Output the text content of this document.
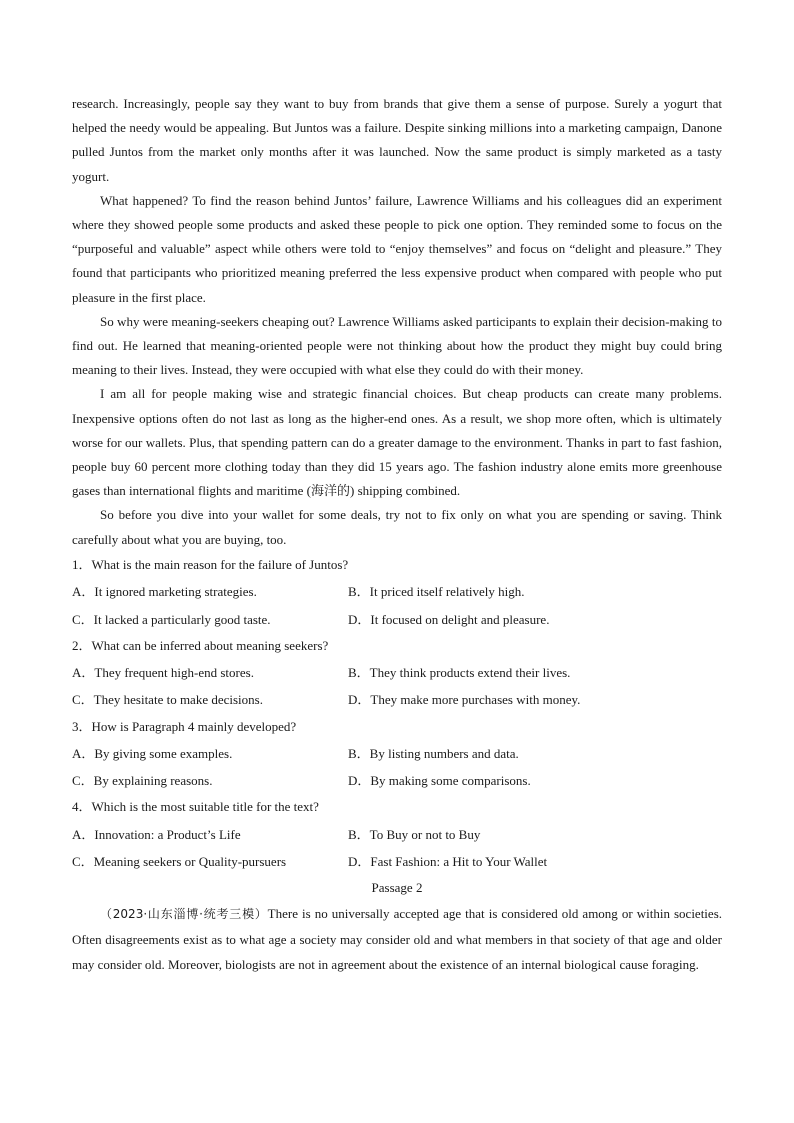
research. Increasingly, people say they want to buy from brands that give them a sense of purpose. Surely a yogurt that helped the needy would be appealing. But Juntos was a failure. Despite sinking millions into a marketing campaign, Danone pulled Juntos from the market only months after it was launched. Now the same product is simply marketed as a tasty yogurt.

What happened? To find the reason behind Juntos’ failure, Lawrence Williams and his colleagues did an experiment where they showed people some products and asked these people to pick one option. They reminded some to focus on the “purposeful and valuable” aspect while others were told to “enjoy themselves” and focus on “delight and pleasure.” They found that participants who prioritized meaning preferred the less expensive product when compared with people who put pleasure in the first place.

So why were meaning-seekers cheaping out? Lawrence Williams asked participants to explain their decision-making to find out. He learned that meaning-oriented people were not thinking about how the product they might buy could bring meaning to their lives. Instead, they were occupied with what else they could do with their money.

I am all for people making wise and strategic financial choices. But cheap products can create many problems. Inexpensive options often do not last as long as the higher-end ones. As a result, we shop more often, which is ultimately worse for our wallets. Plus, that spending pattern can do a greater damage to the environment. Thanks in part to fast fashion, people buy 60 percent more clothing today than they did 15 years ago. The fashion industry alone emits more greenhouse gases than international flights and maritime (海洋的) shipping combined.

So before you dive into your wallet for some deals, try not to fix only on what you are spending or saving. Think carefully about what you are buying, too.

1．What is the main reason for the failure of Juntos?
A．It ignored marketing strategies.	B．It priced itself relatively high.
C．It lacked a particularly good taste.	D．It focused on delight and pleasure.
2．What can be inferred about meaning seekers?
A．They frequent high-end stores.	B．They think products extend their lives.
C．They hesitate to make decisions.	D．They make more purchases with money.
3．How is Paragraph 4 mainly developed?
A．By giving some examples.	B．By listing numbers and data.
C．By explaining reasons.	D．By making some comparisons.
4．Which is the most suitable title for the text?
A．Innovation: a Product’s Life	B．To Buy or not to Buy
C．Meaning seekers or Quality-pursuers	D．Fast Fashion: a Hit to Your Wallet
Passage 2

（2023·山东淄博·统考三模）There is no universally accepted age that is considered old among or within societies. Often disagreements exist as to what age a society may consider old and what members in that society of that age and older may consider old. Moreover, biologists are not in agreement about the existence of an internal biological cause foraging.
